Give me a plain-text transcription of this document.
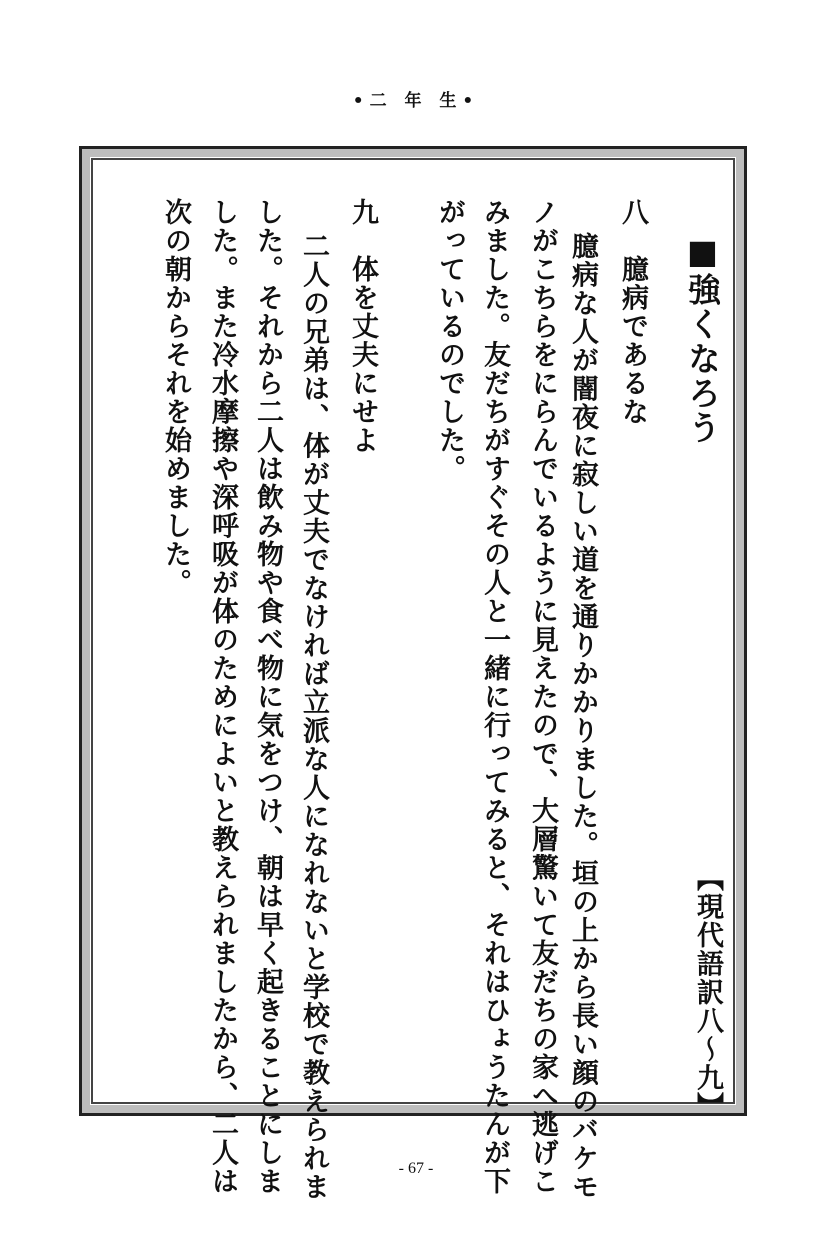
•二 年 生•
■強くなろう
【現代語訳八～九】
八　臆病であるな
臆病な人が闇夜に寂しい道を通りかかりました。垣の上から長い顔のバケモ
ノがこちらをにらんでいるように見えたので、大層驚いて友だちの家へ逃げこ
みました。友だちがすぐその人と一緒に行ってみると、それはひょうたんが下
がっているのでした。
九　体を丈夫にせよ
二人の兄弟は、体が丈夫でなければ立派な人になれないと学校で教えられま
した。それから二人は飲み物や食べ物に気をつけ、朝は早く起きることにしま
した。また冷水摩擦や深呼吸が体のためによいと教えられましたから、二人は
次の朝からそれを始めました。
- 67 -
